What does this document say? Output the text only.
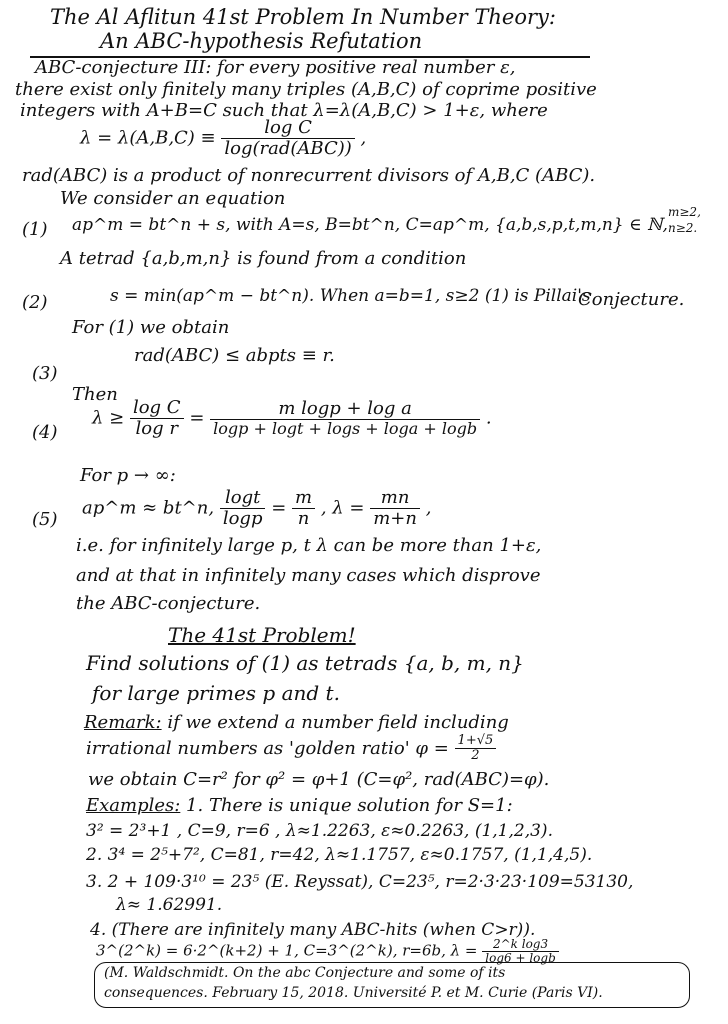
The Al Aflitun 41st Problem In Number Theory:
An ABC-hypothesis Refutation
ABC-conjecture III: for every positive real number ε,
there exist only finitely many triples (A,B,C) of coprime positive
integers with A+B=C such that λ=λ(A,B,C) > 1+ε, where
$\lambda = \lambda(A,B,C) \equiv \frac{\text{log C}}{\text{log(rad(ABC))}}$ ,
rad(ABC) is a product of nonrecurrent divisors of A,B,C (ABC).
We consider an equation
(1) ap^m = bt^n + s, with A=s, B=bt^n, C=ap^m, {a,b,s,p,t,m,n} ∈ ℕ,
m≥2,
n≥2.
A tetrad {a,b,m,n} is found from a condition
(2)	s = min(ap^m − bt^n). When a=b=1, s≥2 (1) is Pillai's
Conjecture.
For (1) we obtain
(3)
rad(ABC) ≤ abpts ≡ r.
Then
(4)
$\lambda \ge \frac{\text{log C}}{\text{log r}} = \frac{\text{m logp + log a}}{\log p + \log t + \log s + \log a + \log b}$ .
For p → ∞:
(5)
ap^m ≈ bt^n, $\frac{\log t}{\log p} = \frac{m}{n}$ , $\lambda = \frac{mn}{m+n}$ ,
i.e. for infinitely large p, t λ can be more than 1+ε,
and at that in infinitely many cases which disprove
the ABC-conjecture.
The 41st Problem!
Find solutions of (1) as tetrads {a, b, m, n}
for large primes p and t.
Remark: if we extend a number field including
irrational numbers as 'golden ratio' $\varphi = \frac{1+√5}{2}$
we obtain C=r² for φ² = φ+1 (C=φ², rad(ABC)=φ).
Examples: 1. There is unique solution for S=1:
3² = 2³+1 , C=9, r=6 , λ≈1.2263, ε≈0.2263, (1,1,2,3).
2. 3⁴ = 2⁵+7², C=81, r=42, λ≈1.1757, ε≈0.1757, (1,1,4,5).
3. 2 + 109·3¹⁰ = 23⁵ (E. Reyssat), C=23⁵, r=2·3·23·109=53130,
λ≈ 1.62991.
4. (There are infinitely many ABC-hits (when C>r)).
3^(2^k) = 6·2^(k+2) + 1, C=3^(2^k), r=6b, $\lambda = \frac{\text{2\textasciicircum{}k log3}}{\log 6 + \log b}$
(M. Waldschmidt. On the abc Conjecture and some of its
consequences. February 15, 2018. Université P. et M. Curie (Paris VI).
